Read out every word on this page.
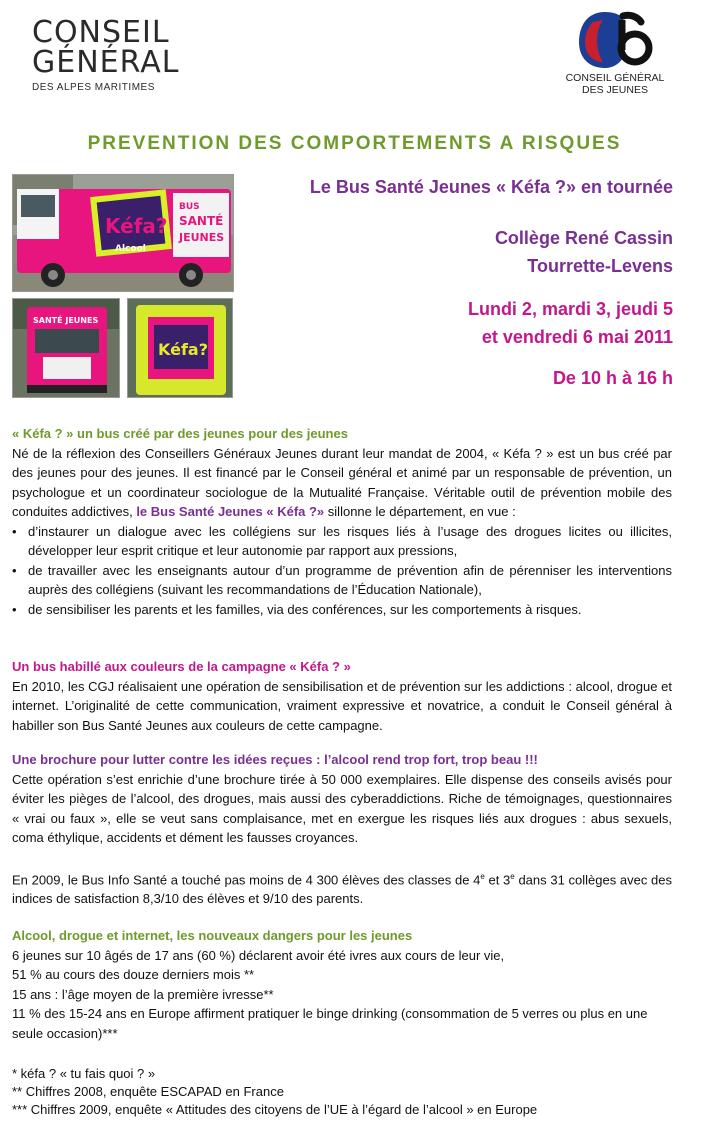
CONSEIL
GÉNÉRAL
DES ALPES MARITIMES
CONSEIL GÉNÉRAL
DES JEUNES
PREVENTION DES COMPORTEMENTS A RISQUES
Kéfa?
Alcool
BUS
SANTÉ
JEUNES
SANTÉ JEUNES
Kéfa?
Le Bus Santé Jeunes « Kéfa ?» en tournée
Collège René Cassin
Tourrette-Levens
Lundi 2, mardi 3, jeudi 5
et vendredi 6 mai 2011
De 10 h à 16 h
« Kéfa ? » un bus créé par des jeunes pour des jeunes

Né de la réflexion des Conseillers Généraux Jeunes durant leur mandat de 2004, « Kéfa ? » est un bus créé par des jeunes pour des jeunes. Il est financé par le Conseil général et animé par un responsable de prévention, un psychologue et un coordinateur sociologue de la Mutualité Française. Véritable outil de prévention mobile des conduites addictives, le Bus Santé Jeunes « Kéfa ?» sillonne le département, en vue :

• d’instaurer un dialogue avec les collégiens sur les risques liés à l’usage des drogues licites ou illicites, développer leur esprit critique et leur autonomie par rapport aux pressions,
• de travailler avec les enseignants autour d’un programme de prévention afin de pérenniser les interventions auprès des collégiens (suivant les recommandations de l’Éducation Nationale),
• de sensibiliser les parents et les familles, via des conférences, sur les comportements à risques.
Un bus habillé aux couleurs de la campagne « Kéfa ? »

En 2010, les CGJ réalisaient une opération de sensibilisation et de prévention sur les addictions : alcool, drogue et internet. L’originalité de cette communication, vraiment expressive et novatrice, a conduit le Conseil général à habiller son Bus Santé Jeunes aux couleurs de cette campagne.

Une brochure pour lutter contre les idées reçues : l’alcool rend trop fort, trop beau !!!

Cette opération s’est enrichie d’une brochure tirée à 50 000 exemplaires. Elle dispense des conseils avisés pour éviter les pièges de l’alcool, des drogues, mais aussi des cyberaddictions. Riche de témoignages, questionnaires « vrai ou faux », elle se veut sans complaisance, met en exergue les risques liés aux drogues : abus sexuels, coma éthylique, accidents et dément les fausses croyances.

En 2009, le Bus Info Santé a touché pas moins de 4 300 élèves des classes de 4e et 3e dans 31 collèges avec des indices de satisfaction 8,3/10 des élèves et 9/10 des parents.

Alcool, drogue et internet, les nouveaux dangers pour les jeunes
6 jeunes sur 10 âgés de 17 ans (60 %) déclarent avoir été ivres aux cours de leur vie,
51 % au cours des douze derniers mois **
15 ans : l’âge moyen de la première ivresse**
11 % des 15-24 ans en Europe affirment pratiquer le binge drinking (consommation de 5 verres ou plus en une seule occasion)***
* kéfa ? « tu fais quoi ? »
** Chiffres 2008, enquête ESCAPAD en France
*** Chiffres 2009, enquête « Attitudes des citoyens de l’UE à l’égard de l’alcool » en Europe
